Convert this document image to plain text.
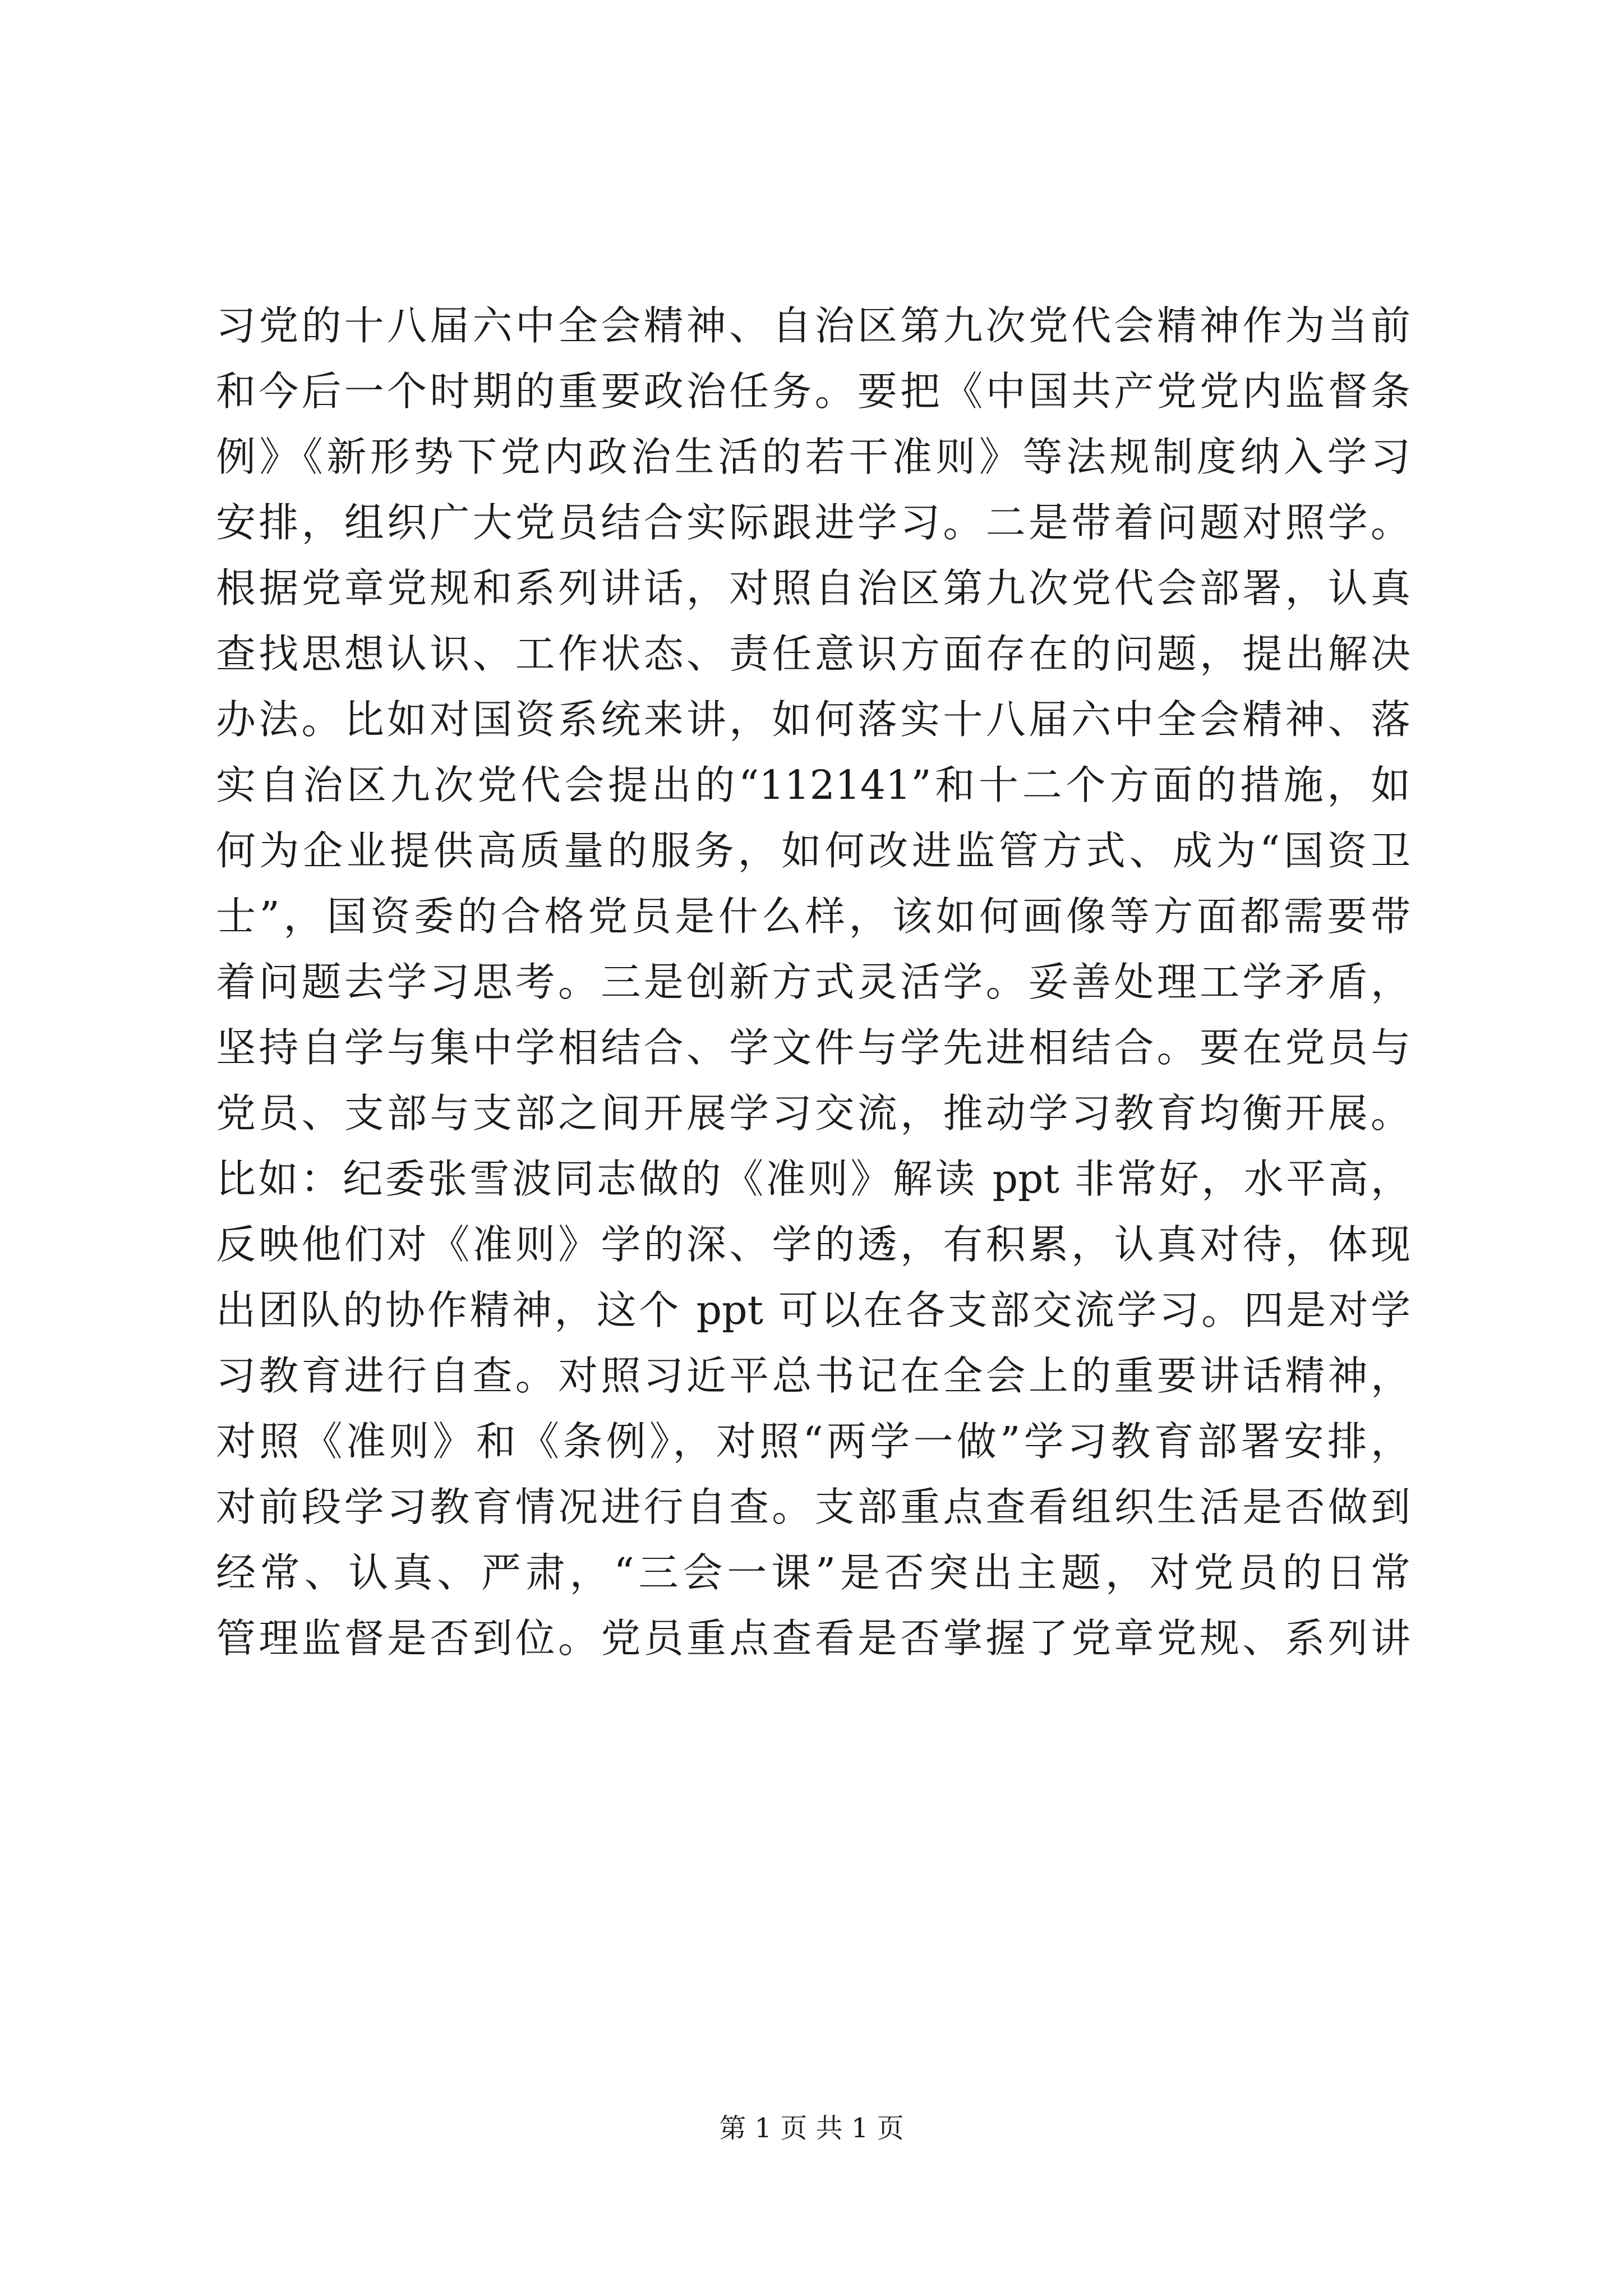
习党的十八届六中全会精神、自治区第九次党代会精神作为当前
和今后一个时期的重要政治任务。要把《中国共产党党内监督条
例》《新形势下党内政治生活的若干准则》等法规制度纳入学习
安排，组织广大党员结合实际跟进学习。二是带着问题对照学。
根据党章党规和系列讲话，对照自治区第九次党代会部署，认真
查找思想认识、工作状态、责任意识方面存在的问题，提出解决
办法。比如对国资系统来讲，如何落实十八届六中全会精神、落
实自治区九次党代会提出的“112141”和十二个方面的措施，如
何为企业提供高质量的服务，如何改进监管方式、成为“国资卫
士”，国资委的合格党员是什么样，该如何画像等方面都需要带
着问题去学习思考。三是创新方式灵活学。妥善处理工学矛盾，
坚持自学与集中学相结合、学文件与学先进相结合。要在党员与
党员、支部与支部之间开展学习交流，推动学习教育均衡开展。
比如：纪委张雪波同志做的《准则》解读 ppt 非常好，水平高，
反映他们对《准则》学的深、学的透，有积累，认真对待，体现
出团队的协作精神，这个 ppt 可以在各支部交流学习。四是对学
习教育进行自查。对照习近平总书记在全会上的重要讲话精神，
对照《准则》和《条例》，对照“两学一做”学习教育部署安排，
对前段学习教育情况进行自查。支部重点查看组织生活是否做到
经常、认真、严肃，“三会一课”是否突出主题，对党员的日常
管理监督是否到位。党员重点查看是否掌握了党章党规、系列讲
第 1 页 共 1 页
